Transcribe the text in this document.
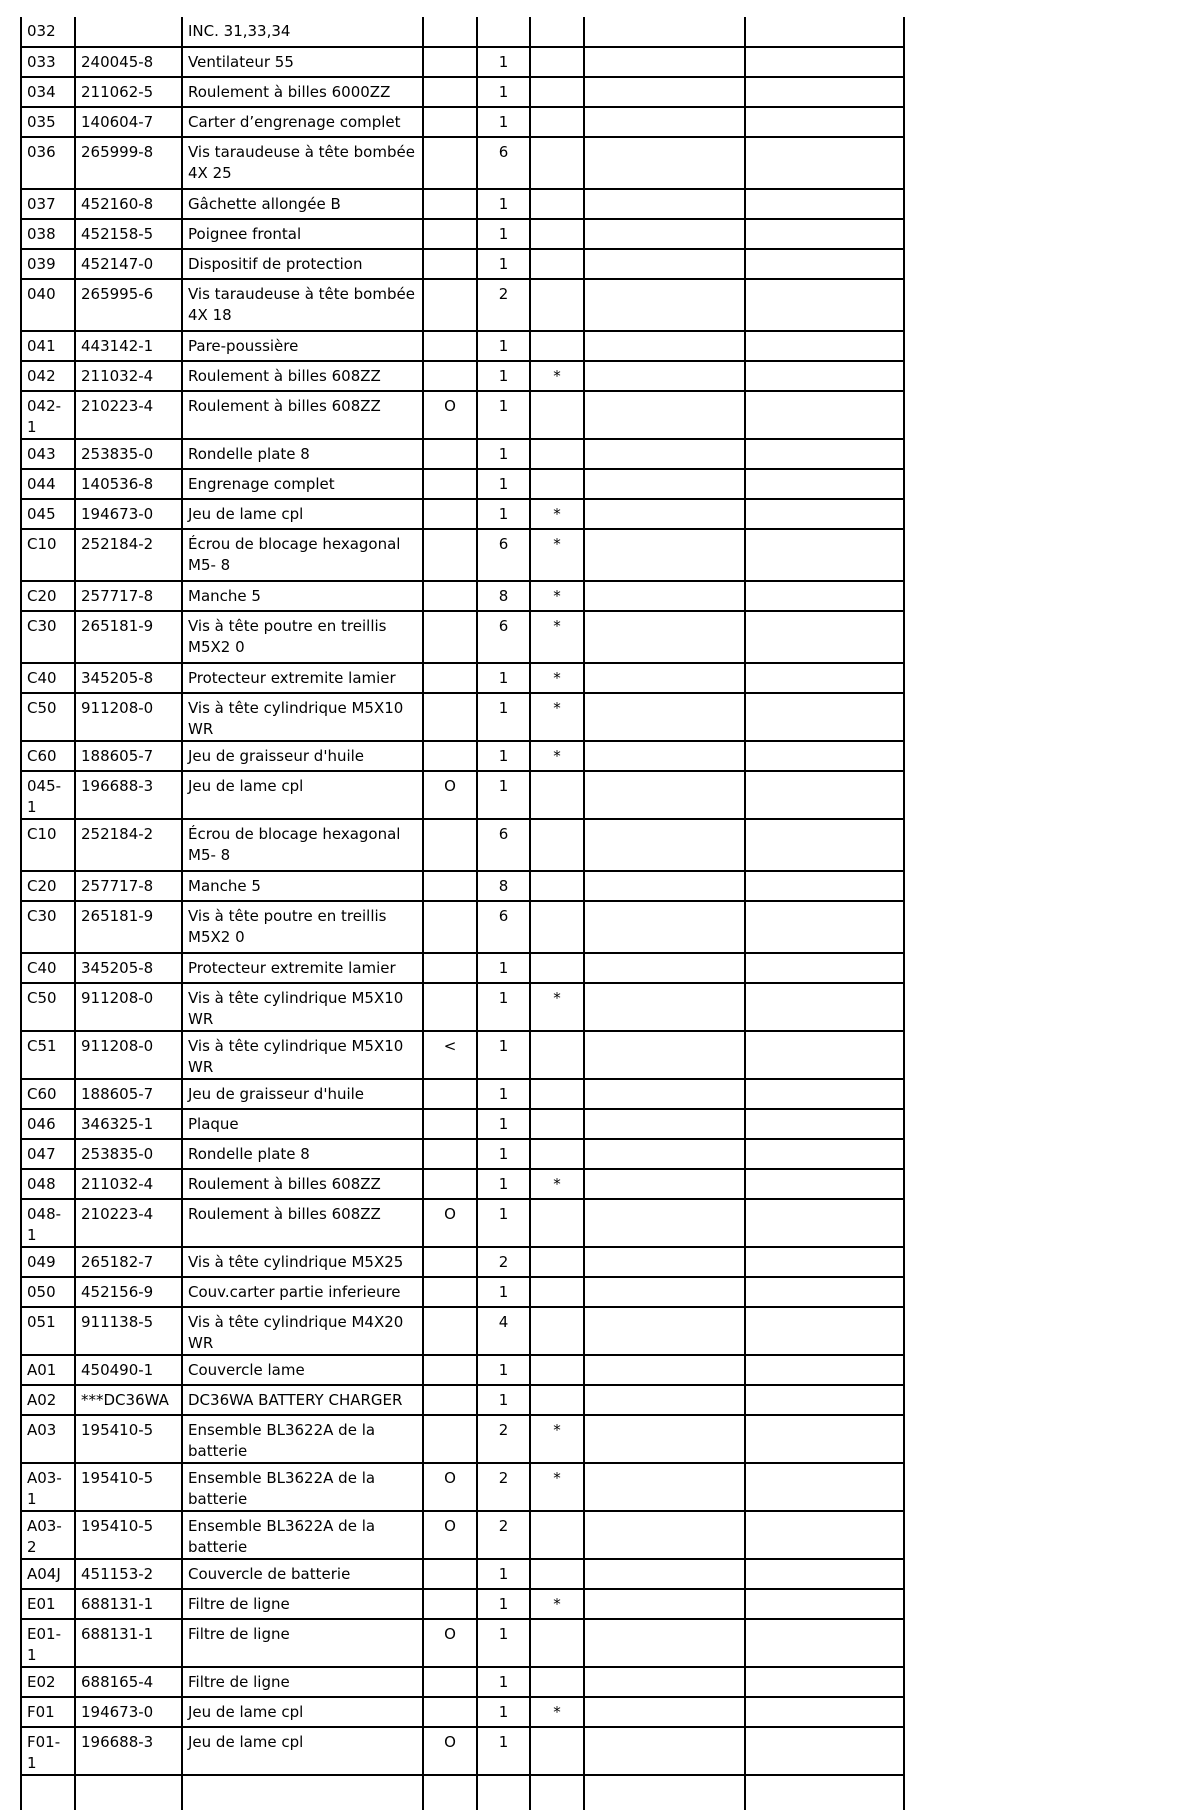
032		INC. 31,33,34					
033	240045-8	Ventilateur 55		1			
034	211062-5	Roulement à billes 6000ZZ		1			
035	140604-7	Carter d’engrenage complet		1			
036	265999-8	Vis taraudeuse à tête bombée 4X 25		6			
037	452160-8	Gâchette allongée B		1			
038	452158-5	Poignee frontal		1			
039	452147-0	Dispositif de protection		1			
040	265995-6	Vis taraudeuse à tête bombée 4X 18		2			
041	443142-1	Pare-poussière		1			
042	211032-4	Roulement à billes 608ZZ		1	*		
042-1	210223-4	Roulement à billes 608ZZ	O	1			
043	253835-0	Rondelle plate 8		1			
044	140536-8	Engrenage complet		1			
045	194673-0	Jeu de lame cpl		1	*		
C10	252184-2	Écrou de blocage hexagonal M5- 8		6	*		
C20	257717-8	Manche 5		8	*		
C30	265181-9	Vis à tête poutre en treillis M5X2 0		6	*		
C40	345205-8	Protecteur extremite lamier		1	*		
C50	911208-0	Vis à tête cylindrique M5X10 WR		1	*		
C60	188605-7	Jeu de graisseur d'huile		1	*		
045-1	196688-3	Jeu de lame cpl	O	1			
C10	252184-2	Écrou de blocage hexagonal M5- 8		6			
C20	257717-8	Manche 5		8			
C30	265181-9	Vis à tête poutre en treillis M5X2 0		6			
C40	345205-8	Protecteur extremite lamier		1			
C50	911208-0	Vis à tête cylindrique M5X10 WR		1	*		
C51	911208-0	Vis à tête cylindrique M5X10 WR	<	1			
C60	188605-7	Jeu de graisseur d'huile		1			
046	346325-1	Plaque		1			
047	253835-0	Rondelle plate 8		1			
048	211032-4	Roulement à billes 608ZZ		1	*		
048-1	210223-4	Roulement à billes 608ZZ	O	1			
049	265182-7	Vis à tête cylindrique M5X25		2			
050	452156-9	Couv.carter partie inferieure		1			
051	911138-5	Vis à tête cylindrique M4X20 WR		4			
A01	450490-1	Couvercle lame		1			
A02	***DC36WA	DC36WA BATTERY CHARGER		1			
A03	195410-5	Ensemble BL3622A de la batterie		2	*		
A03-1	195410-5	Ensemble BL3622A de la batterie	O	2	*		
A03-2	195410-5	Ensemble BL3622A de la batterie	O	2			
A04J	451153-2	Couvercle de batterie		1			
E01	688131-1	Filtre de ligne		1	*		
E01-1	688131-1	Filtre de ligne	O	1			
E02	688165-4	Filtre de ligne		1			
F01	194673-0	Jeu de lame cpl		1	*		
F01-1	196688-3	Jeu de lame cpl	O	1			
